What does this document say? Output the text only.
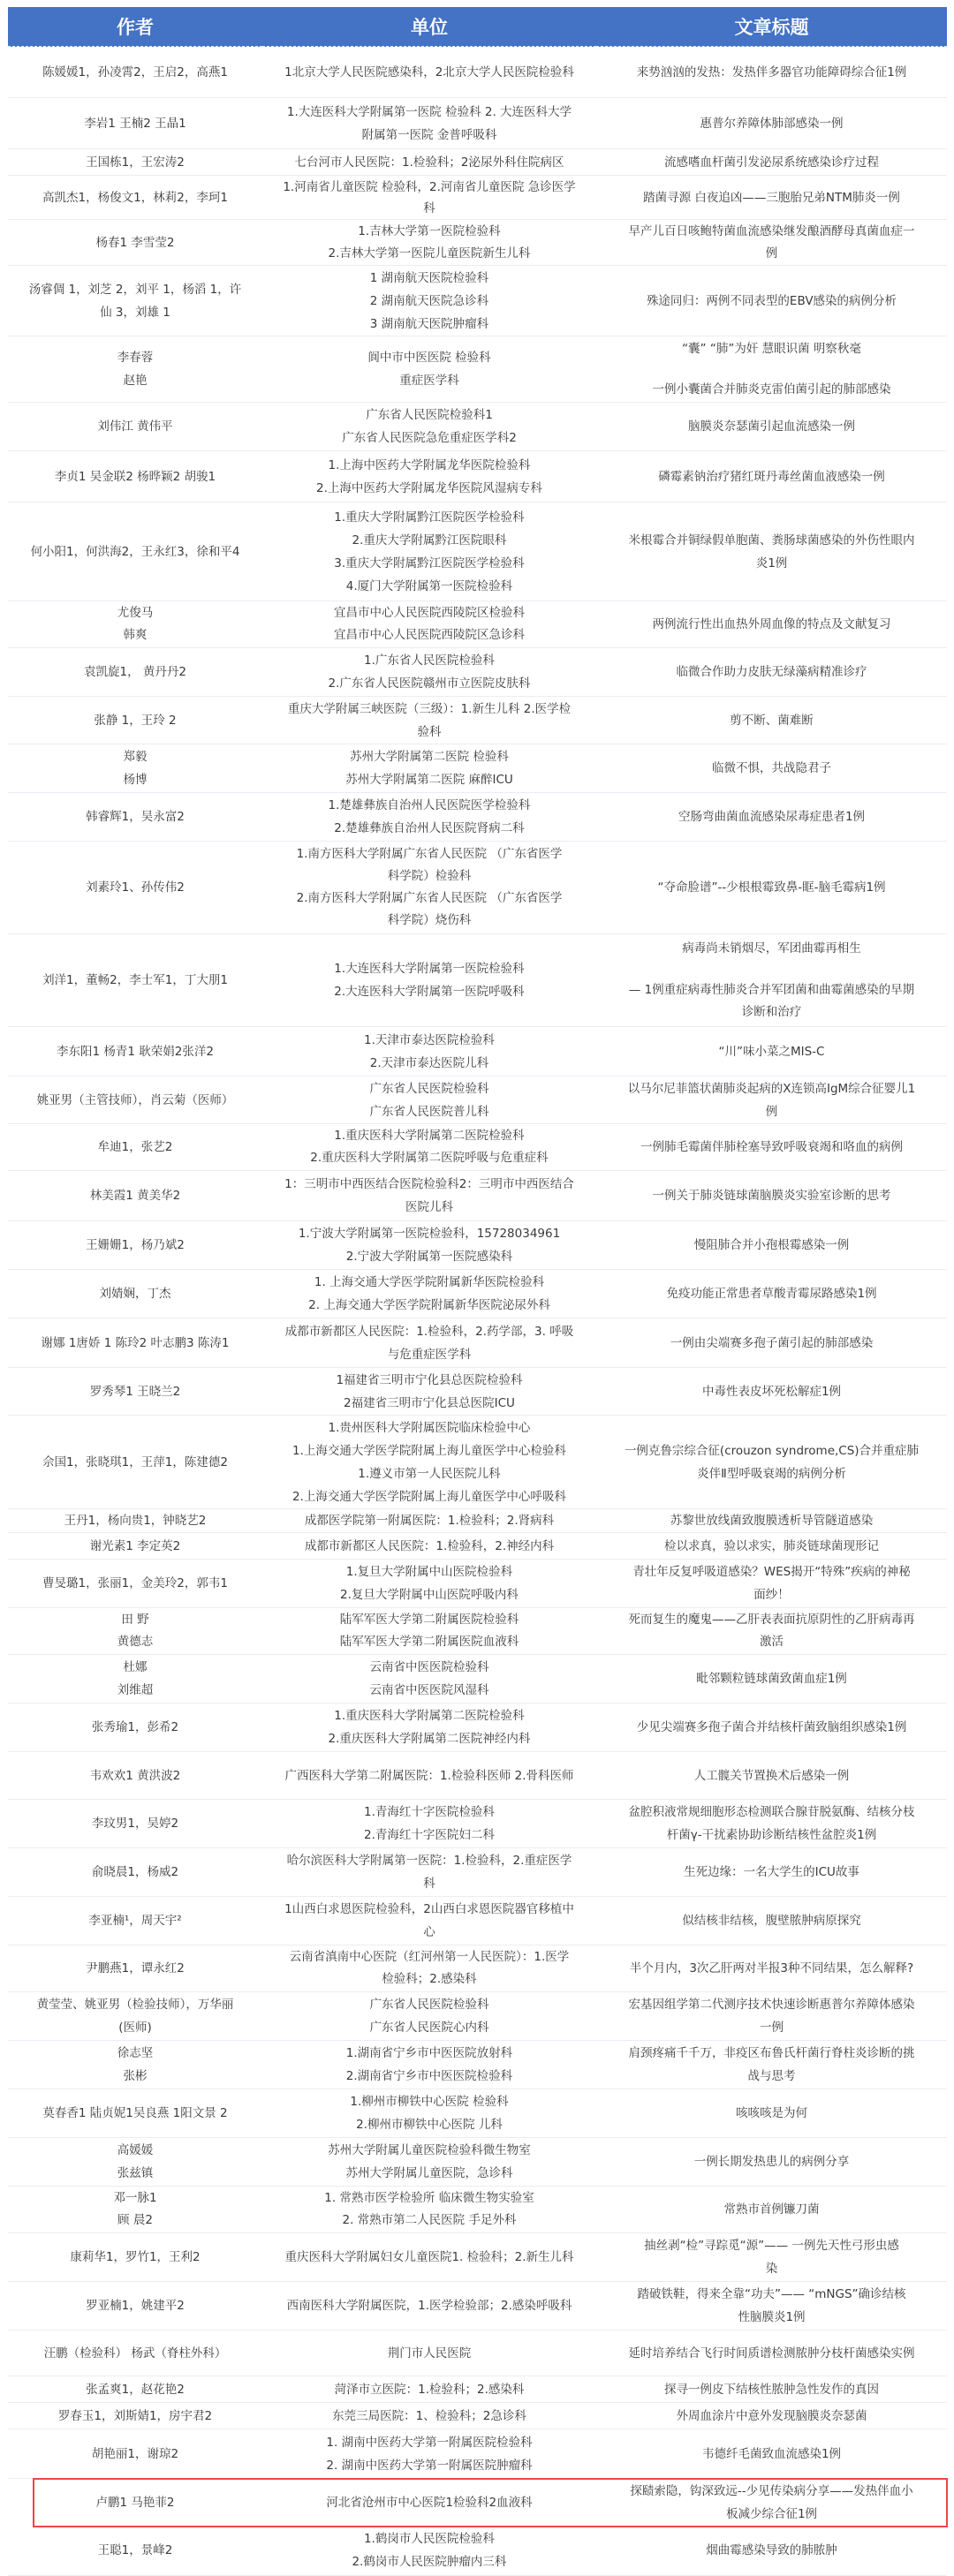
作者	单位	文章标题

陈媛媛1，孙凌霄2，王启2，高燕1	1北京大学人民医院感染科，2北京大学人民医院检验科	来势汹汹的发热：发热伴多器官功能障碍综合征1例

李岩1 王楠2 王晶1	1.大连医科大学附属第一医院 检验科 2. 大连医科大学
附属第一医院 金普呼吸科	惠普尔养障体肺部感染一例

王国栋1，王宏涛2	七台河市人民医院：1.检验科；2泌尿外科住院病区	流感嗜血杆菌引发泌尿系统感染诊疗过程

高凯杰1，杨俊文1，林莉2，李珂1	1.河南省儿童医院 检验科，2.河南省儿童医院 急诊医学
科	踏菌寻源 白夜追凶——三胞胎兄弟NTM肺炎一例

杨春1 李雪莹2	1.吉林大学第一医院检验科
2.吉林大学第一医院儿童医院新生儿科	早产儿百日咳鲍特菌血流感染继发酿酒酵母真菌血症一
例

汤睿倜 1，刘芝 2，刘平 1，杨滔 1，许
仙 3，刘雄 1	1 湖南航天医院检验科
2 湖南航天医院急诊科
3 湖南航天医院肿瘤科	殊途同归：两例不同表型的EBV感染的病例分析

李春蓉
赵艳	阆中市中医医院 检验科
重症医学科	“囊” “肺”为奸 慧眼识菌 明察秋毫
一例小囊菌合并肺炎克雷伯菌引起的肺部感染

刘伟江 黄伟平	广东省人民医院检验科1
广东省人民医院急危重症医学科2	脑膜炎奈瑟菌引起血流感染一例

李贞1 吴金联2 杨晔颖2 胡骏1	1.上海中医药大学附属龙华医院检验科
2.上海中医药大学附属龙华医院风湿病专科	磷霉素钠治疗猪红斑丹毒丝菌血液感染一例

何小阳1，何洪海2，王永红3，徐和平4	1.重庆大学附属黔江医院医学检验科
2.重庆大学附属黔江医院眼科
3.重庆大学附属黔江医院医学检验科
4.厦门大学附属第一医院检验科	米根霉合并铜绿假单胞菌、粪肠球菌感染的外伤性眼内
炎1例

尤俊马
韩爽	宜昌市中心人民医院西陵院区检验科
宜昌市中心人民医院西陵院区急诊科	两例流行性出血热外周血像的特点及文献复习

袁凯旋1， 黄丹丹2	1.广东省人民医院检验科
2.广东省人民医院赣州市立医院皮肤科	临微合作助力皮肤无绿藻病精准诊疗

张静 1，王玲 2	重庆大学附属三峡医院（三级）：1.新生儿科 2.医学检
验科	剪不断、菌难断

郑毅
杨博	苏州大学附属第二医院 检验科
苏州大学附属第二医院 麻醉ICU	临微不惧，共战隐君子

韩睿辉1，吴永富2	1.楚雄彝族自治州人民医院医学检验科
2.楚雄彝族自治州人民医院肾病二科	空肠弯曲菌血流感染尿毒症患者1例

刘素玲1、孙传伟2	1.南方医科大学附属广东省人民医院 （广东省医学
科学院）检验科
2.南方医科大学附属广东省人民医院 （广东省医学
科学院）烧伤科	“夺命脸谱”--少根根霉致鼻-眶-脑毛霉病1例

刘洋1，董畅2，李士军1，丁大朋1	1.大连医科大学附属第一医院检验科
2.大连医科大学附属第一医院呼吸科	病毒尚未销烟尽，军团曲霉再相生
— 1例重症病毒性肺炎合并军团菌和曲霉菌感染的早期
诊断和治疗

李东阳1 杨青1 耿荣娟2张洋2	1.天津市泰达医院检验科
2.天津市泰达医院儿科	“川”味小菜之MIS-C

姚亚男（主管技师），肖云菊（医师）	广东省人民医院检验科
广东省人民医院普儿科	以马尔尼菲篮状菌肺炎起病的X连锁高IgM综合征婴儿1
例

牟迪1，张艺2	1.重庆医科大学附属第二医院检验科
2.重庆医科大学附属第二医院呼吸与危重症科	一例肺毛霉菌伴肺栓塞导致呼吸衰竭和咯血的病例

林美霞1 黄美华2	1：三明市中西医结合医院检验科2：三明市中西医结合
医院儿科	一例关于肺炎链球菌脑膜炎实验室诊断的思考

王姗姗1，杨乃斌2	1.宁波大学附属第一医院检验科，15728034961
2.宁波大学附属第一医院感染科	慢阻肺合并小孢根霉感染一例

刘婧娴，丁杰	1. 上海交通大学医学院附属新华医院检验科
2. 上海交通大学医学院附属新华医院泌尿外科	免疫功能正常患者草酸青霉尿路感染1例

谢娜 1唐娇 1 陈玲2 叶志鹏3 陈涛1	成都市新都区人民医院：1.检验科，2.药学部，3. 呼吸
与危重症医学科	一例由尖端赛多孢子菌引起的肺部感染

罗秀琴1 王晓兰2	1福建省三明市宁化县总医院检验科
2福建省三明市宁化县总医院ICU	中毒性表皮坏死松解症1例

佘国1，张晓琪1，王萍1，陈建德2	1.贵州医科大学附属医院临床检验中心
1.上海交通大学医学院附属上海儿童医学中心检验科
1.遵义市第一人民医院儿科
2.上海交通大学医学院附属上海儿童医学中心呼吸科	一例克鲁宗综合征(crouzon syndrome,CS)合并重症肺
炎伴Ⅱ型呼吸衰竭的病例分析

王丹1，杨向贵1，钟晓艺2	成都医学院第一附属医院：1.检验科；2.肾病科	苏黎世放线菌致腹膜透析导管隧道感染

谢光素1 李定英2	成都市新都区人民医院：1.检验科，2.神经内科	检以求真，验以求实，肺炎链球菌现形记

曹旻璐1，张丽1，金美玲2，郭韦1	1.复旦大学附属中山医院检验科
2.复旦大学附属中山医院呼吸内科	青壮年反复呼吸道感染？WES揭开“特殊”疾病的神秘
面纱！

田 野
黄德志	陆军军医大学第二附属医院检验科
陆军军医大学第二附属医院血液科	死而复生的魔鬼——乙肝表表面抗原阴性的乙肝病毒再
激活

杜娜
刘维超	云南省中医医院检验科
云南省中医医院风湿科	毗邻颗粒链球菌致菌血症1例

张秀瑜1，彭希2	1.重庆医科大学附属第二医院检验科
2.重庆医科大学附属第二医院神经内科	少见尖端赛多孢子菌合并结核杆菌致脑组织感染1例

韦欢欢1 黄洪波2	广西医科大学第二附属医院：1.检验科医师 2.骨科医师	人工髋关节置换术后感染一例

李玟男1，吴婷2	1.青海红十字医院检验科
2.青海红十字医院妇二科	盆腔积液常规细胞形态检测联合腺苷脱氨酶、结核分枝
杆菌γ-干扰素协助诊断结核性盆腔炎1例

俞晓晨1，杨威2	哈尔滨医科大学附属第一医院：1.检验科，2.重症医学
科	生死边缘：一名大学生的ICU故事

李亚楠¹，周天宇²	1山西白求恩医院检验科，2山西白求恩医院器官移植中
心	似结核非结核，腹壁脓肿病原探究

尹鹏燕1，谭永红2	云南省滇南中心医院（红河州第一人民医院）：1.医学
检验科；2.感染科	半个月内，3次乙肝两对半报3种不同结果，怎么解释?

黄莹莹、姚亚男（检验技师），万华丽
(医师)	广东省人民医院检验科
广东省人民医院心内科	宏基因组学第二代测序技术快速诊断惠普尔养障体感染
一例

徐志坚
张彬	1.湖南省宁乡市中医医院放射科
2.湖南省宁乡市中医医院检验科	肩颈疼痛千千万，非疫区布鲁氏杆菌行脊柱炎诊断的挑
战与思考

莫春香1 陆贞妮1吴良燕 1阳文景 2	1.柳州市柳铁中心医院 检验科
2.柳州市柳铁中心医院 儿科	咳咳咳是为何

高媛媛
张兹镇	苏州大学附属儿童医院检验科微生物室
苏州大学附属儿童医院，急诊科	一例长期发热患儿的病例分享

邓一脉1
顾 晨2	1. 常熟市医学检验所 临床微生物实验室
2. 常熟市第二人民医院 手足外科	常熟市首例镰刀菌

康莉华1，罗竹1，王利2	重庆医科大学附属妇女儿童医院1. 检验科；2.新生儿科	抽丝剥“检”寻踪觅“源”—— 一例先天性弓形虫感
染

罗亚楠1，姚建平2	西南医科大学附属医院，1.医学检验部；2.感染呼吸科	踏破铁鞋，得来全靠“功夫”—— “mNGS”确诊结核
性脑膜炎1例

汪鹏（检验科） 杨武（脊柱外科）	荆门市人民医院	延时培养结合飞行时间质谱检测脓肿分枝杆菌感染实例

张孟爽1，赵花艳2	菏泽市立医院：1.检验科；2.感染科	探寻一例皮下结核性脓肿急性发作的真因

罗春玉1，刘斯婧1，房宇君2	东莞三局医院：1、检验科；2急诊科	外周血涂片中意外发现脑膜炎奈瑟菌

胡艳丽1，谢琼2	1. 湖南中医药大学第一附属医院检验科
2. 湖南中医药大学第一附属医院肿瘤科	韦德纤毛菌致血流感染1例

卢鹏1 马艳菲2	河北省沧州市中心医院1检验科2血液科	探赜索隐，钩深致远--少见传染病分享——发热伴血小
板减少综合征1例

王聪1，景峰2	1.鹤岗市人民医院检验科
2.鹤岗市人民医院肿瘤内三科	烟曲霉感染导致的肺脓肿
